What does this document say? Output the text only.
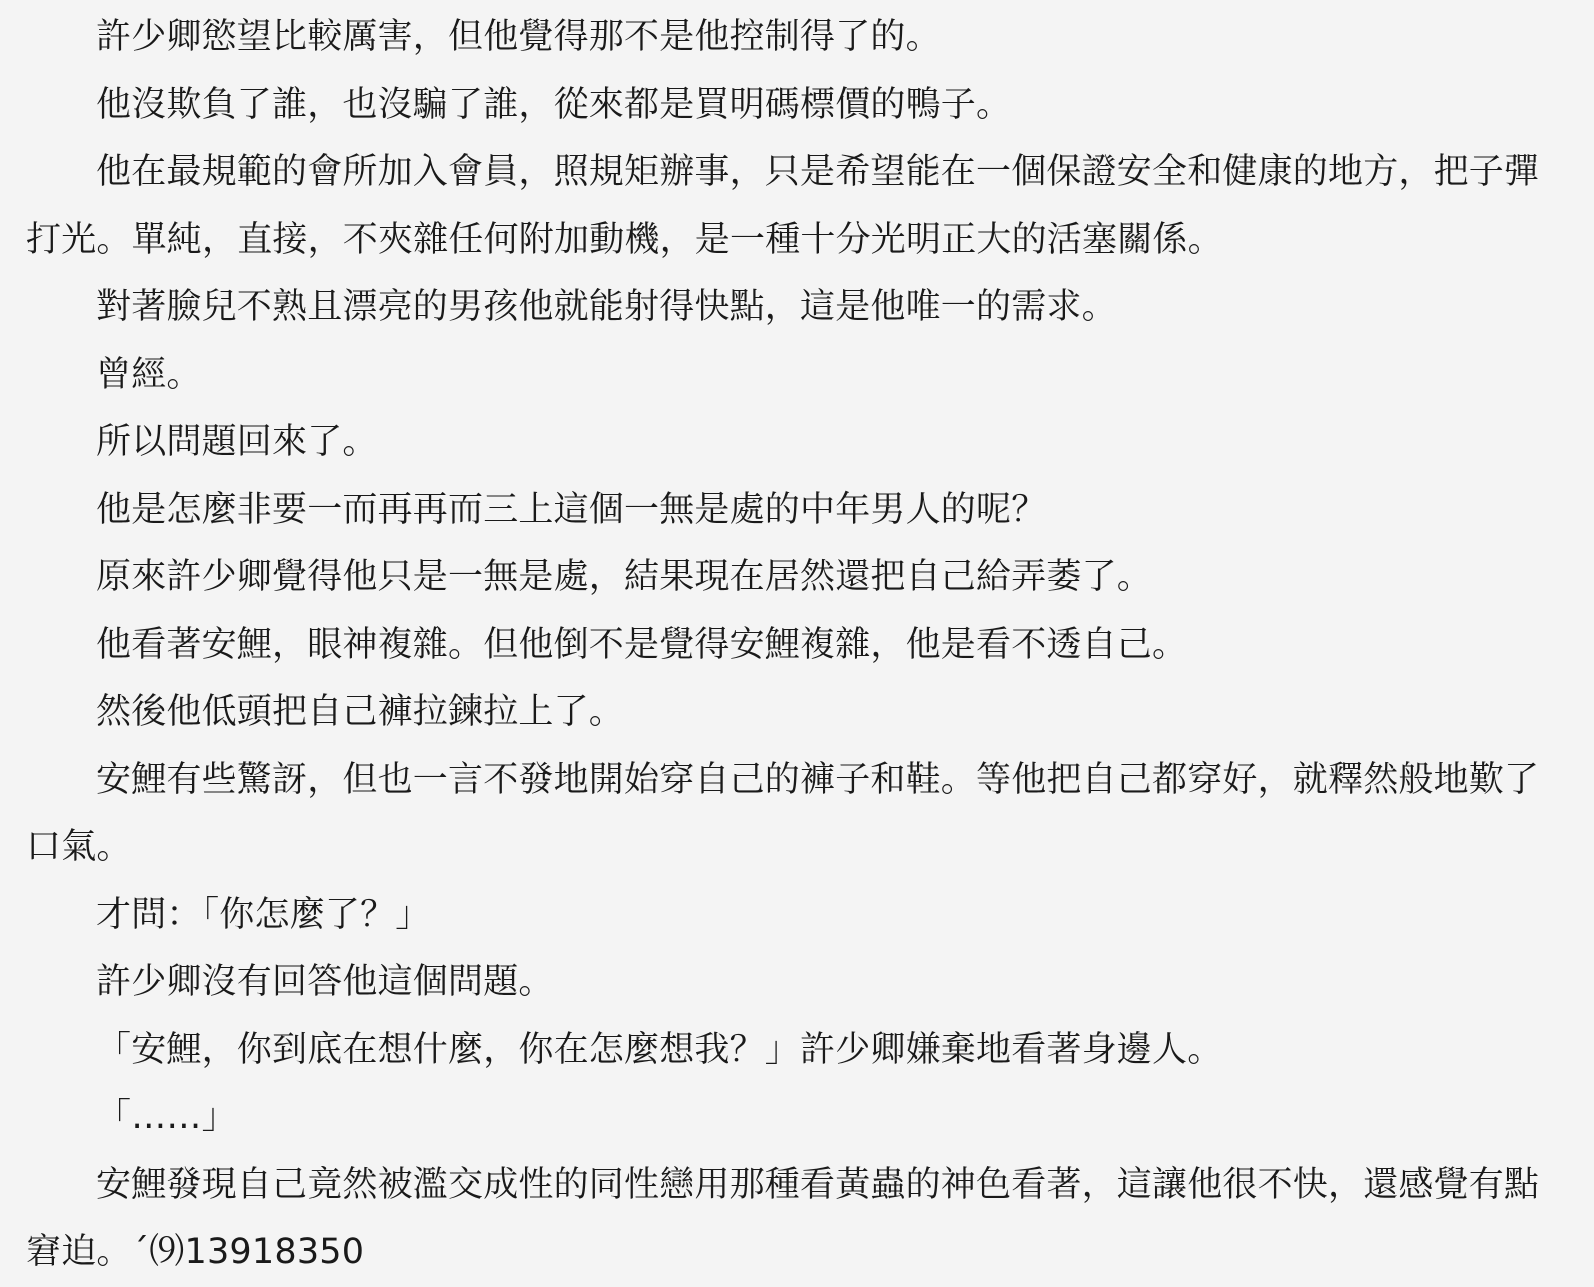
許少卿慾望比較厲害，但他覺得那不是他控制得了的。

他沒欺負了誰，也沒騙了誰，從來都是買明碼標價的鴨子。

他在最規範的會所加入會員，照規矩辦事，只是希望能在一個保證安全和健康的地方，把子彈打光。單純，直接，不夾雜任何附加動機，是一種十分光明正大的活塞關係。

對著臉兒不熟且漂亮的男孩他就能射得快點，這是他唯一的需求。

曾經。

所以問題回來了。

他是怎麼非要一而再再而三上這個一無是處的中年男人的呢？

原來許少卿覺得他只是一無是處，結果現在居然還把自己給弄萎了。

他看著安鯉，眼神複雜。但他倒不是覺得安鯉複雜，他是看不透自己。

然後他低頭把自己褲拉鍊拉上了。

安鯉有些驚訝，但也一言不發地開始穿自己的褲子和鞋。等他把自己都穿好，就釋然般地歎了口氣。

才問：「你怎麼了？」

許少卿沒有回答他這個問題。

「安鯉，你到底在想什麼，你在怎麼想我？」許少卿嫌棄地看著身邊人。

「……」

安鯉發現自己竟然被濫交成性的同性戀用那種看黃蟲的神色看著，這讓他很不快，還感覺有點窘迫。´⑼13918350
